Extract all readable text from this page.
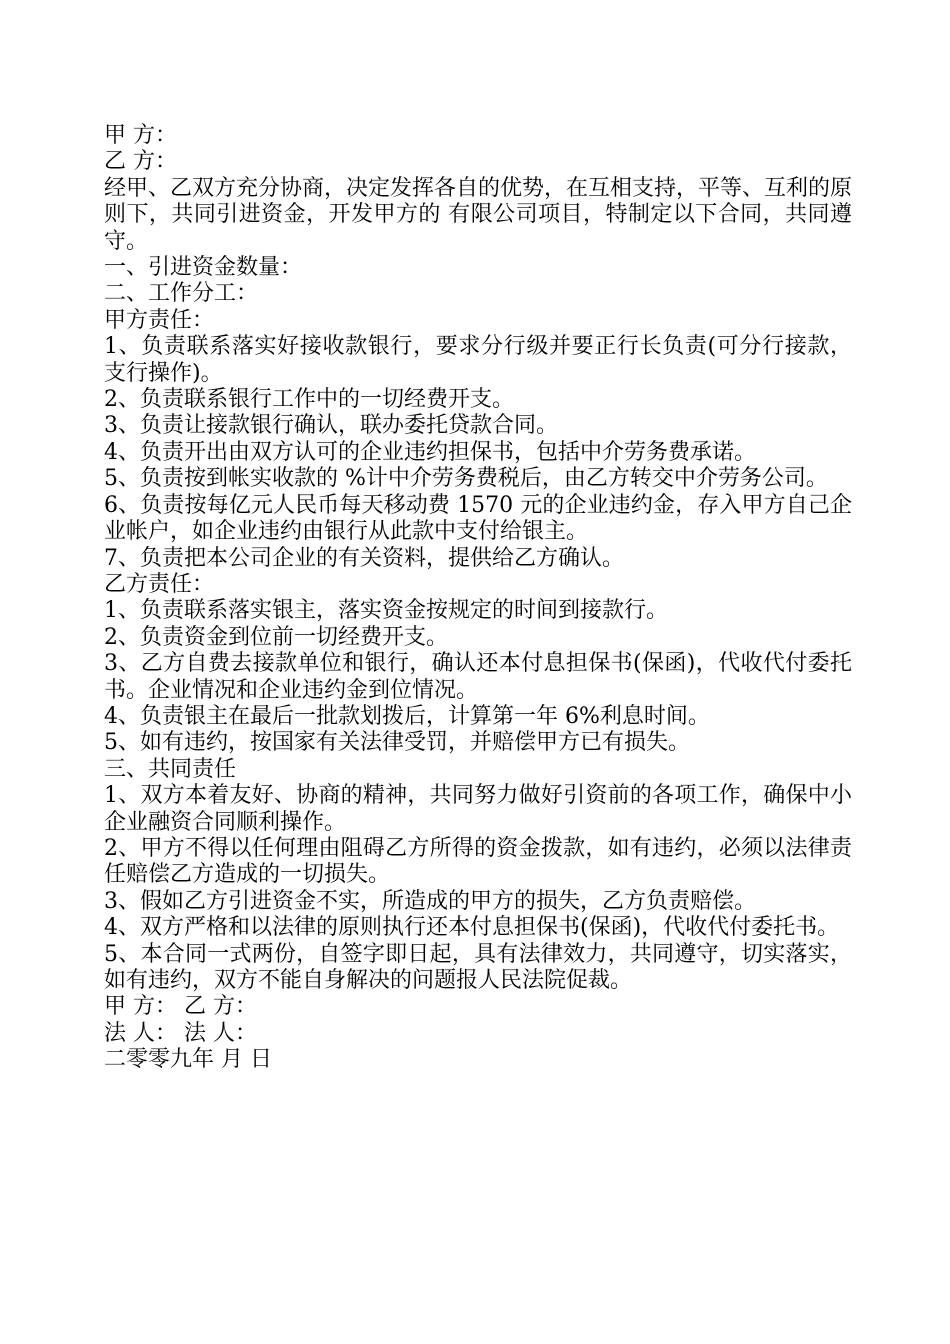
甲 方：

乙 方：

经甲、乙双方充分协商，决定发挥各自的优势，在互相支持，平等、互利的原则下，共同引进资金，开发甲方的 有限公司项目，特制定以下合同，共同遵守。

一、引进资金数量：

二、工作分工：

甲方责任：

1、负责联系落实好接收款银行，要求分行级并要正行长负责(可分行接款，支行操作)。

2、负责联系银行工作中的一切经费开支。

3、负责让接款银行确认，联办委托贷款合同。

4、负责开出由双方认可的企业违约担保书，包括中介劳务费承诺。

5、负责按到帐实收款的 %计中介劳务费税后，由乙方转交中介劳务公司。

6、负责按每亿元人民币每天移动费 1570 元的企业违约金，存入甲方自己企业帐户，如企业违约由银行从此款中支付给银主。

7、负责把本公司企业的有关资料，提供给乙方确认。

乙方责任：

1、负责联系落实银主，落实资金按规定的时间到接款行。

2、负责资金到位前一切经费开支。

3、乙方自费去接款单位和银行，确认还本付息担保书(保函)，代收代付委托书。企业情况和企业违约金到位情况。

4、负责银主在最后一批款划拨后，计算第一年 6%利息时间。

5、如有违约，按国家有关法律受罚，并赔偿甲方已有损失。

三、共同责任

1、双方本着友好、协商的精神，共同努力做好引资前的各项工作，确保中小企业融资合同顺利操作。

2、甲方不得以任何理由阻碍乙方所得的资金拨款，如有违约，必须以法律责任赔偿乙方造成的一切损失。

3、假如乙方引进资金不实，所造成的甲方的损失，乙方负责赔偿。

4、双方严格和以法律的原则执行还本付息担保书(保函)，代收代付委托书。

5、本合同一式两份，自签字即日起，具有法律效力，共同遵守，切实落实，如有违约，双方不能自身解决的问题报人民法院促裁。

甲 方： 乙 方：

法 人： 法 人：

二零零九年 月 日
